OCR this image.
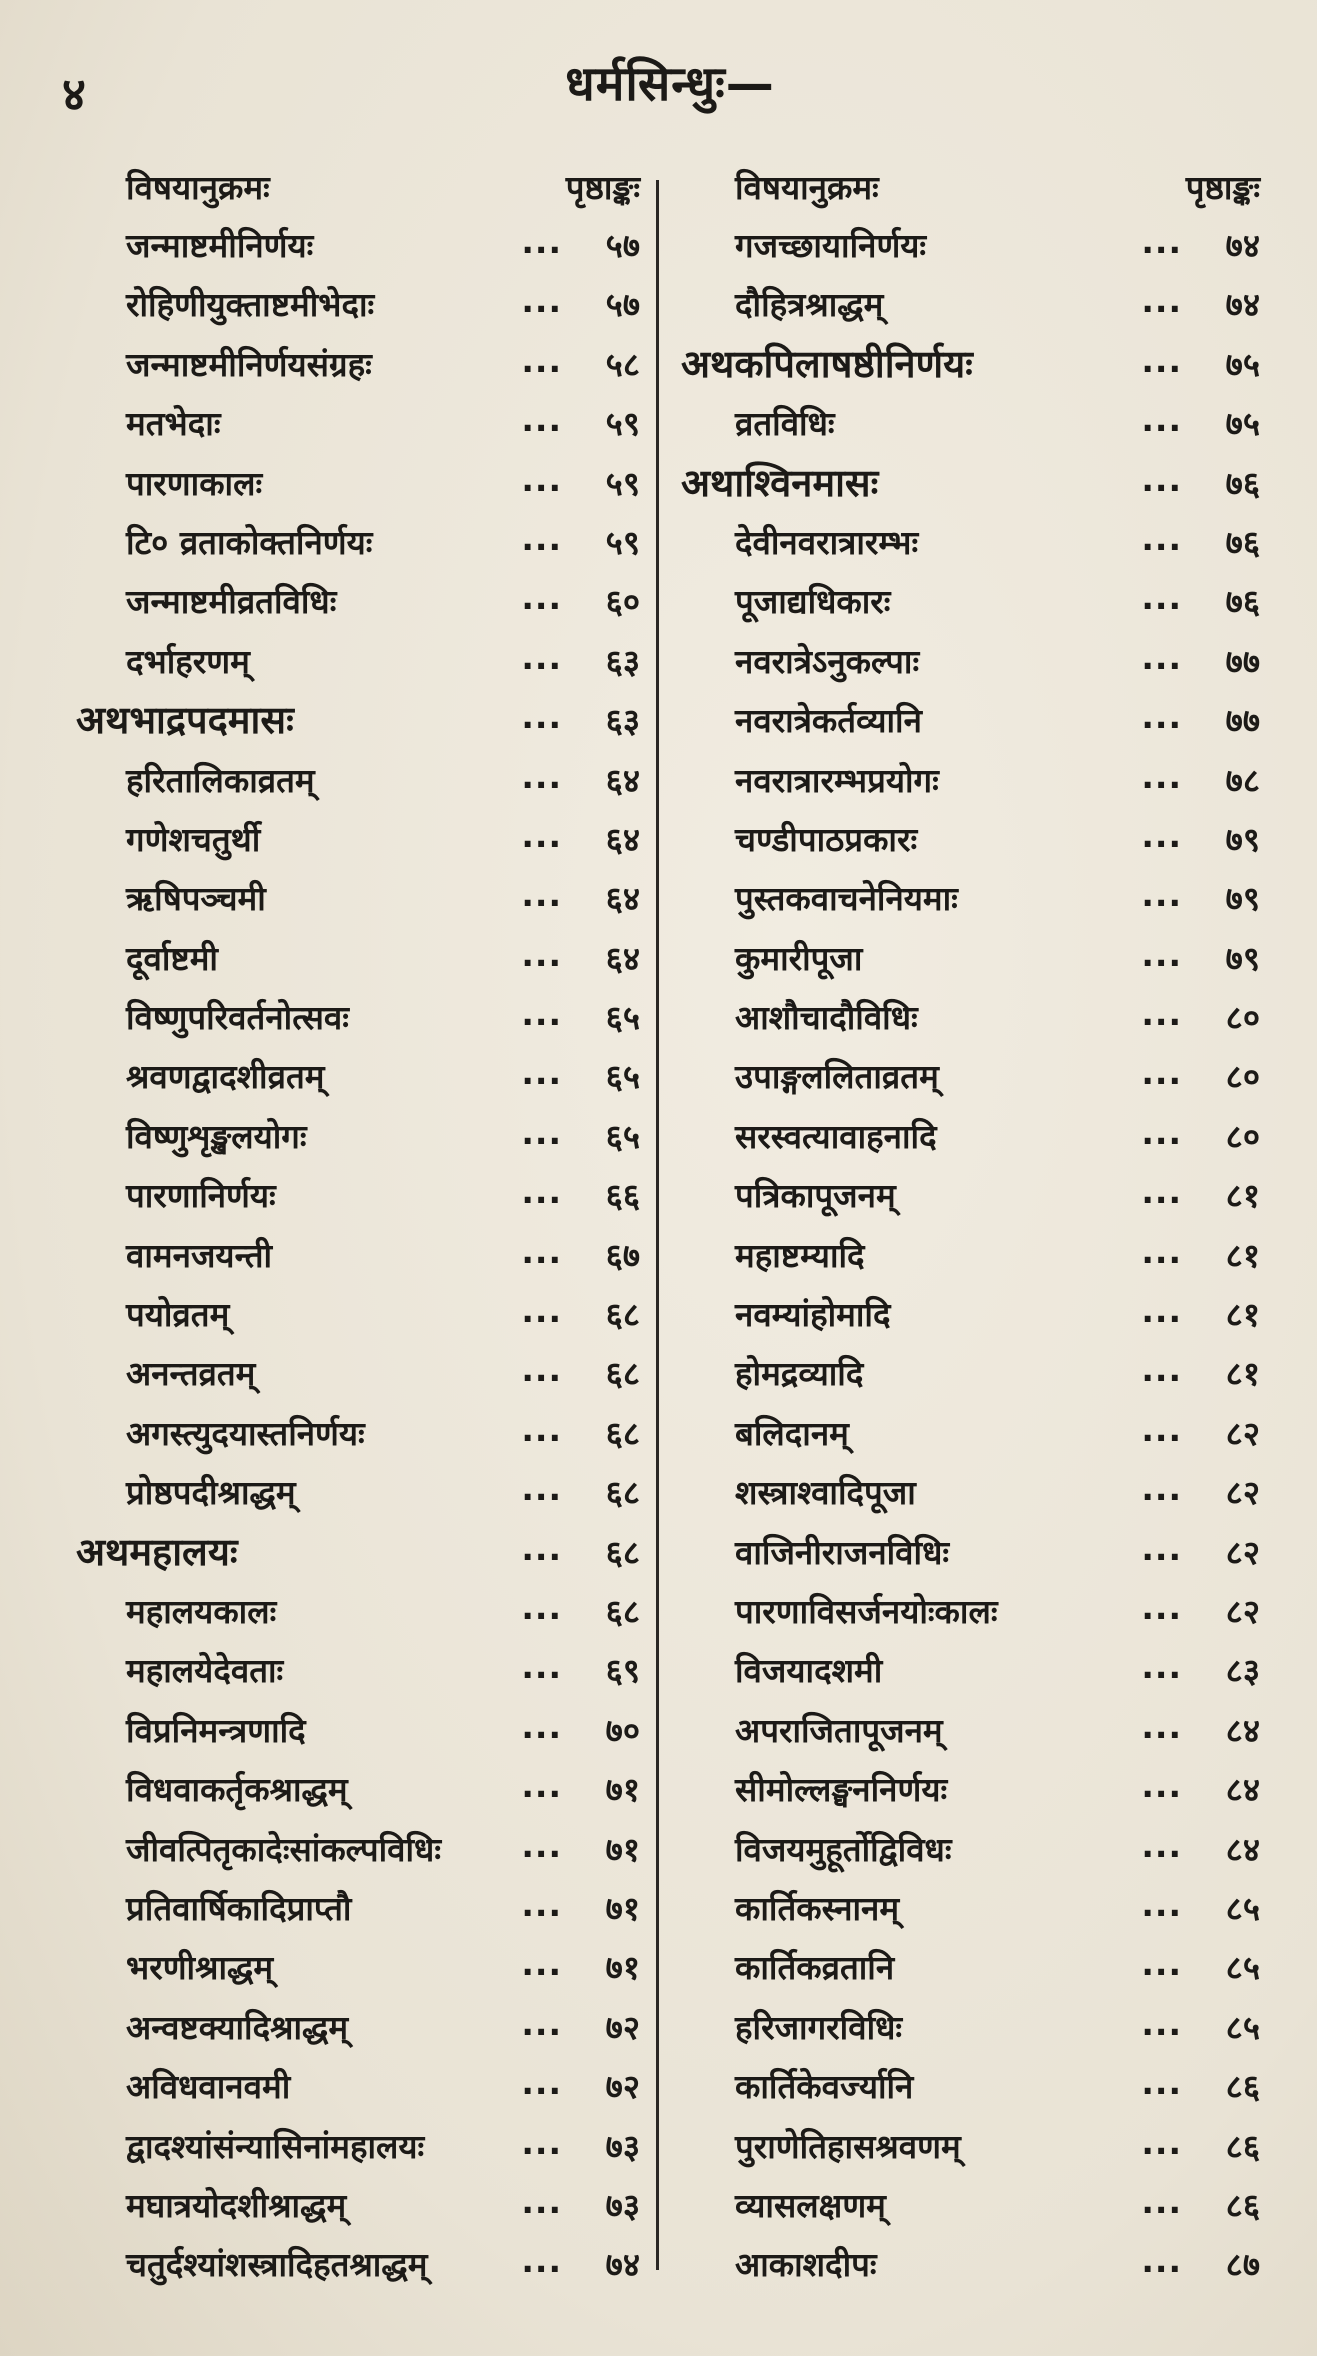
४	धर्मसिन्धुः—
विषयानुक्रमः	पृष्ठाङ्कः
जन्माष्टमीनिर्णयः	...	५७
रोहिणीयुक्ताष्टमीभेदाः	...	५७
जन्माष्टमीनिर्णयसंग्रहः	...	५८
मतभेदाः	...	५९
पारणाकालः	...	५९
टि० व्रताकोक्तनिर्णयः	...	५९
जन्माष्टमीव्रतविधिः	...	६०
दर्भाहरणम्	...	६३
अथभाद्रपदमासः	...	६३
हरितालिकाव्रतम्	...	६४
गणेशचतुर्थी	...	६४
ऋषिपञ्चमी	...	६४
दूर्वाष्टमी	...	६४
विष्णुपरिवर्तनोत्सवः	...	६५
श्रवणद्वादशीव्रतम्	...	६५
विष्णुशृङ्खलयोगः	...	६५
पारणानिर्णयः	...	६६
वामनजयन्ती	...	६७
पयोव्रतम्	...	६८
अनन्तव्रतम्	...	६८
अगस्त्युदयास्तनिर्णयः	...	६८
प्रोष्ठपदीश्राद्धम्	...	६८
अथमहालयः	...	६८
महालयकालः	...	६८
महालयेदेवताः	...	६९
विप्रनिमन्त्रणादि	...	७०
विधवाकर्तृकश्राद्धम्	...	७१
जीवत्पितृकादेःसांकल्पविधिः ...	७१
प्रतिवार्षिकादिप्राप्तौ	...	७१
भरणीश्राद्धम्	...	७१
अन्वष्टक्यादिश्राद्धम्	...	७२
अविधवानवमी	...	७२
द्वादश्यांसंन्यासिनांमहालयः	...	७३
मघात्रयोदशीश्राद्धम्	...	७३
चतुर्दश्यांशस्त्रादिहतश्राद्धम्	...	७४
विषयानुक्रमः	पृष्ठाङ्कः
गजच्छायानिर्णयः	...	७४
दौहित्रश्राद्धम्	...	७४
अथकपिलाषष्ठीनिर्णयः	...	७५
व्रतविधिः	...	७५
अथाश्विनमासः	...	७६
देवीनवरात्रारम्भः	...	७६
पूजाद्यधिकारः	...	७६
नवरात्रेऽनुकल्पाः	...	७७
नवरात्रेकर्तव्यानि	...	७७
नवरात्रारम्भप्रयोगः	...	७८
चण्डीपाठप्रकारः	...	७९
पुस्तकवाचनेनियमाः	...	७९
कुमारीपूजा	...	७९
आशौचादौविधिः	...	८०
उपाङ्गललिताव्रतम्	...	८०
सरस्वत्यावाहनादि	...	८०
पत्रिकापूजनम्	...	८१
महाष्टम्यादि	...	८१
नवम्यांहोमादि	...	८१
होमद्रव्यादि	...	८१
बलिदानम्	...	८२
शस्त्राश्वादिपूजा	...	८२
वाजिनीराजनविधिः	...	८२
पारणाविसर्जनयोःकालः	...	८२
विजयादशमी	...	८३
अपराजितापूजनम्	...	८४
सीमोल्लङ्घननिर्णयः	...	८४
विजयमुहूर्तोद्विविधः	...	८४
कार्तिकस्नानम्	...	८५
कार्तिकव्रतानि	...	८५
हरिजागरविधिः	...	८५
कार्तिकेवर्ज्यानि	...	८६
पुराणेतिहासश्रवणम्	...	८६
व्यासलक्षणम्	...	८६
आकाशदीपः	...	८७
